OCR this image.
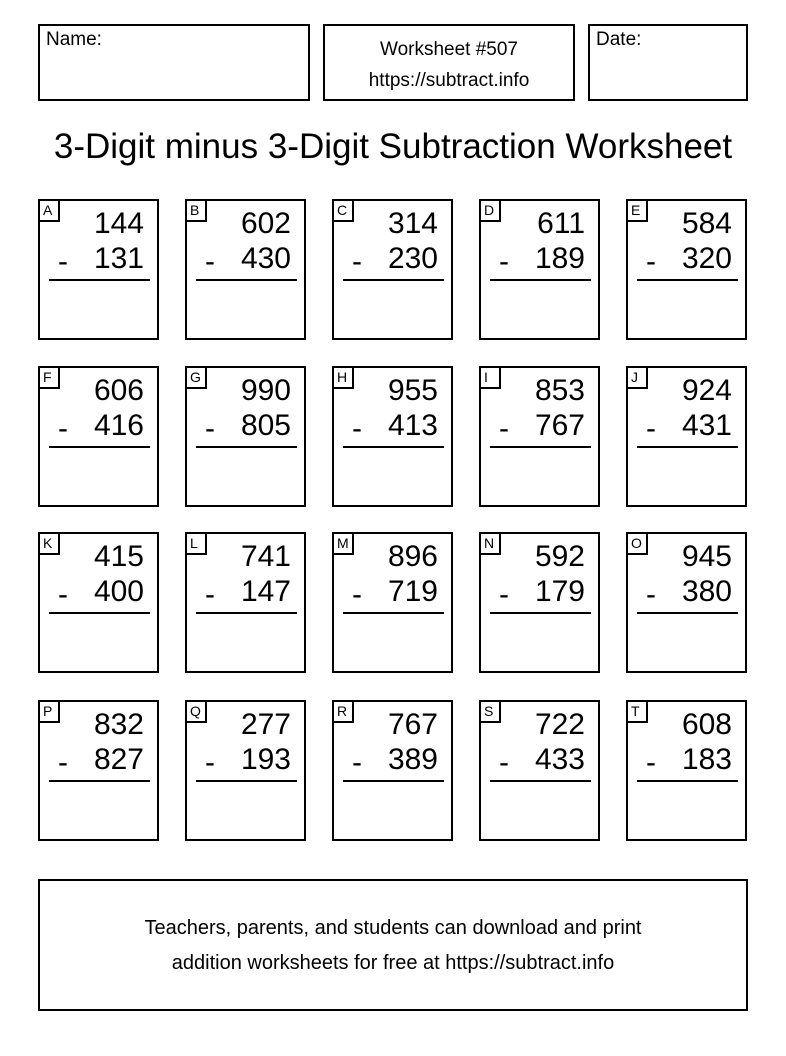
Name:	Worksheet #507
https://subtract.info
Date:
3-Digit minus 3-Digit Subtraction Worksheet
A 144
- 131
B 602
- 430
C 314
- 230
D 611
- 189
E 584
- 320
F 606
- 416
G 990
- 805
H 955
- 413
I	853
- 767
J	924
- 431
K 415
- 400
L	741
- 147
M 896
- 719
N 592
- 179
O 945
- 380
P 832
- 827
Q 277
- 193
R 767
- 389
S 722
- 433
T 608
- 183
Teachers, parents, and students can download and print
addition worksheets for free at https://subtract.info
